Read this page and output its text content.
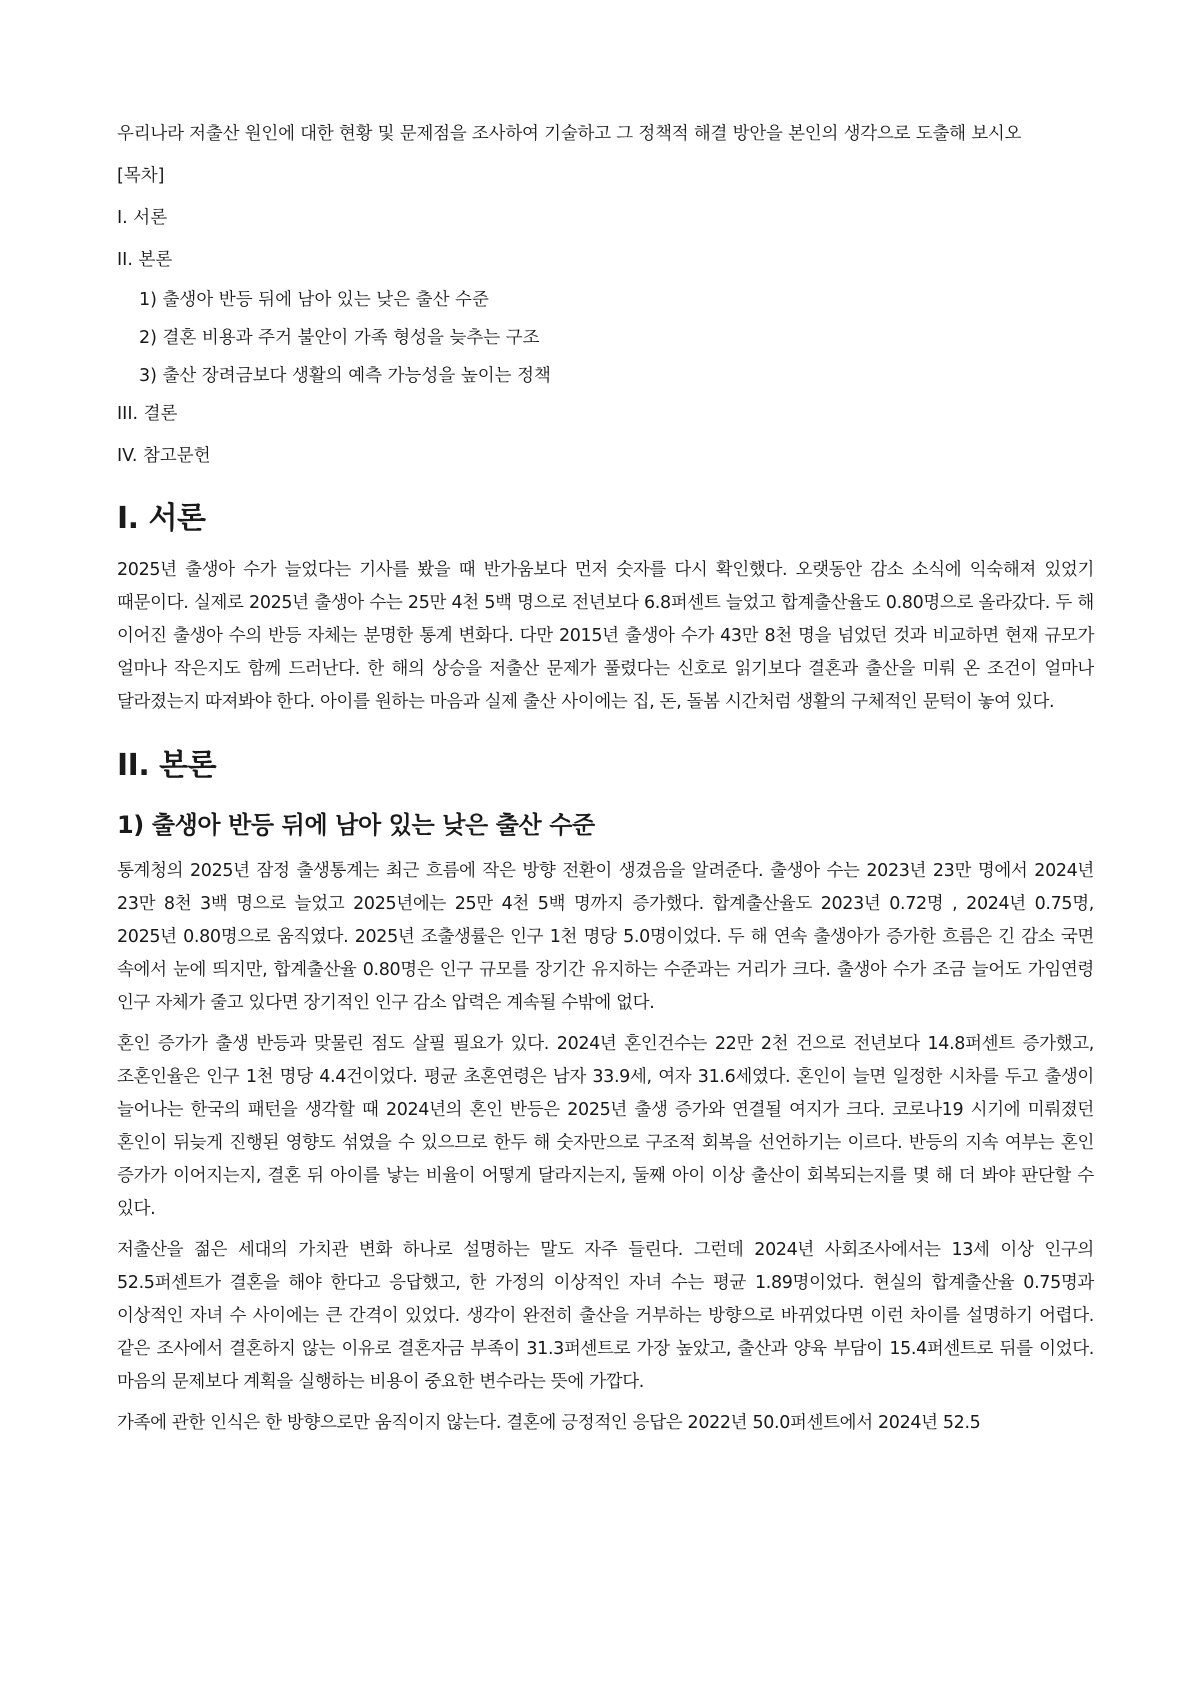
우리나라 저출산 원인에 대한 현황 및 문제점을 조사하여 기술하고 그 정책적 해결 방안을 본인의 생각으로 도출해 보시오

[목차]
I. 서론
II. 본론
1) 출생아 반등 뒤에 남아 있는 낮은 출산 수준
2) 결혼 비용과 주거 불안이 가족 형성을 늦추는 구조
3) 출산 장려금보다 생활의 예측 가능성을 높이는 정책
III. 결론
IV. 참고문헌
I. 서론

2025년 출생아 수가 늘었다는 기사를 봤을 때 반가움보다 먼저 숫자를 다시 확인했다. 오랫동안 감소 소식에 익숙해져 있었기 때문이다. 실제로 2025년 출생아 수는 25만 4천 5백 명으로 전년보다 6.8퍼센트 늘었고 합계출산율도 0.80명으로 올라갔다. 두 해 이어진 출생아 수의 반등 자체는 분명한 통계 변화다. 다만 2015년 출생아 수가 43만 8천 명을 넘었던 것과 비교하면 현재 규모가 얼마나 작은지도 함께 드러난다. 한 해의 상승을 저출산 문제가 풀렸다는 신호로 읽기보다 결혼과 출산을 미뤄 온 조건이 얼마나 달라졌는지 따져봐야 한다. 아이를 원하는 마음과 실제 출산 사이에는 집, 돈, 돌봄 시간처럼 생활의 구체적인 문턱이 놓여 있다.

II. 본론
1) 출생아 반등 뒤에 남아 있는 낮은 출산 수준

통계청의 2025년 잠정 출생통계는 최근 흐름에 작은 방향 전환이 생겼음을 알려준다. 출생아 수는 2023년 23만 명에서 2024년 23만 8천 3백 명으로 늘었고 2025년에는 25만 4천 5백 명까지 증가했다. 합계출산율도 2023년 0.72명 , 2024년 0.75명, 2025년 0.80명으로 움직였다. 2025년 조출생률은 인구 1천 명당 5.0명이었다. 두 해 연속 출생아가 증가한 흐름은 긴 감소 국면 속에서 눈에 띄지만, 합계출산율 0.80명은 인구 규모를 장기간 유지하는 수준과는 거리가 크다. 출생아 수가 조금 늘어도 가임연령 인구 자체가 줄고 있다면 장기적인 인구 감소 압력은 계속될 수밖에 없다.

혼인 증가가 출생 반등과 맞물린 점도 살필 필요가 있다. 2024년 혼인건수는 22만 2천 건으로 전년보다 14.8퍼센트 증가했고, 조혼인율은 인구 1천 명당 4.4건이었다. 평균 초혼연령은 남자 33.9세, 여자 31.6세였다. 혼인이 늘면 일정한 시차를 두고 출생이 늘어나는 한국의 패턴을 생각할 때 2024년의 혼인 반등은 2025년 출생 증가와 연결될 여지가 크다. 코로나19 시기에 미뤄졌던 혼인이 뒤늦게 진행된 영향도 섞였을 수 있으므로 한두 해 숫자만으로 구조적 회복을 선언하기는 이르다. 반등의 지속 여부는 혼인 증가가 이어지는지, 결혼 뒤 아이를 낳는 비율이 어떻게 달라지는지, 둘째 아이 이상 출산이 회복되는지를 몇 해 더 봐야 판단할 수 있다.

저출산을 젊은 세대의 가치관 변화 하나로 설명하는 말도 자주 들린다. 그런데 2024년 사회조사에서는 13세 이상 인구의 52.5퍼센트가 결혼을 해야 한다고 응답했고, 한 가정의 이상적인 자녀 수는 평균 1.89명이었다. 현실의 합계출산율 0.75명과 이상적인 자녀 수 사이에는 큰 간격이 있었다. 생각이 완전히 출산을 거부하는 방향으로 바뀌었다면 이런 차이를 설명하기 어렵다. 같은 조사에서 결혼하지 않는 이유로 결혼자금 부족이 31.3퍼센트로 가장 높았고, 출산과 양육 부담이 15.4퍼센트로 뒤를 이었다. 마음의 문제보다 계획을 실행하는 비용이 중요한 변수라는 뜻에 가깝다.

가족에 관한 인식은 한 방향으로만 움직이지 않는다. 결혼에 긍정적인 응답은 2022년 50.0퍼센트에서 2024년 52.5
